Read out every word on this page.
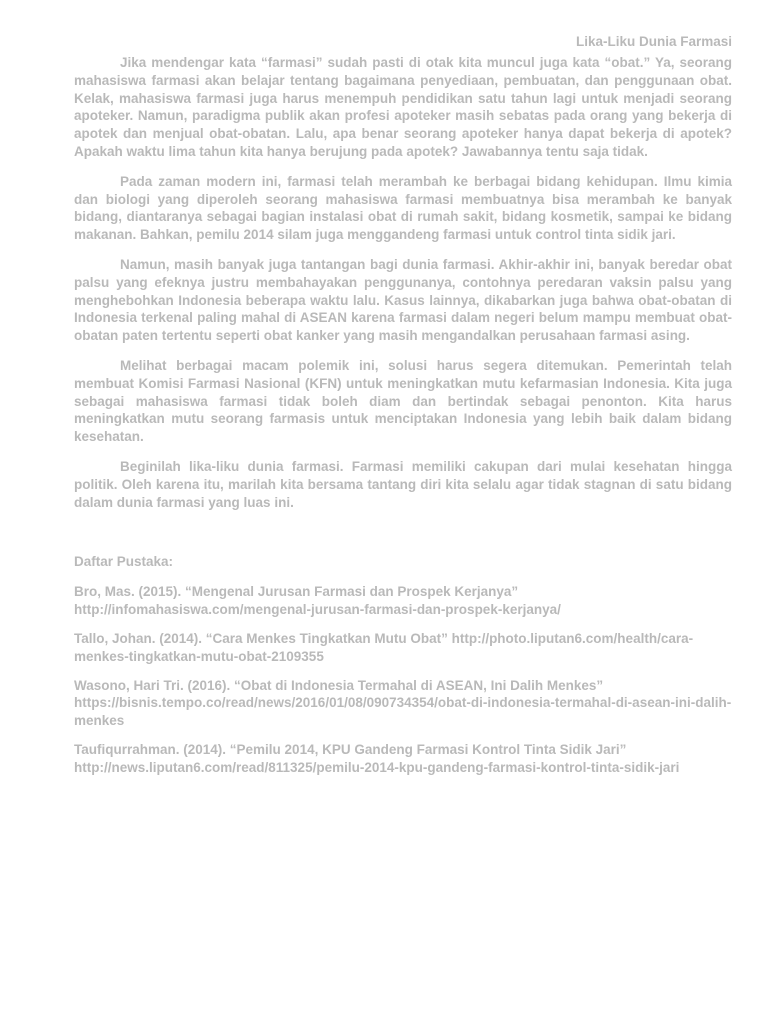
Lika-Liku Dunia Farmasi

Jika mendengar kata “farmasi” sudah pasti di otak kita muncul juga kata “obat.” Ya, seorang mahasiswa farmasi akan belajar tentang bagaimana penyediaan, pembuatan, dan penggunaan obat. Kelak, mahasiswa farmasi juga harus menempuh pendidikan satu tahun lagi untuk menjadi seorang apoteker. Namun, paradigma publik akan profesi apoteker masih sebatas pada orang yang bekerja di apotek dan menjual obat-obatan. Lalu, apa benar seorang apoteker hanya dapat bekerja di apotek? Apakah waktu lima tahun kita hanya berujung pada apotek? Jawabannya tentu saja tidak.

Pada zaman modern ini, farmasi telah merambah ke berbagai bidang kehidupan. Ilmu kimia dan biologi yang diperoleh seorang mahasiswa farmasi membuatnya bisa merambah ke banyak bidang, diantaranya sebagai bagian instalasi obat di rumah sakit, bidang kosmetik, sampai ke bidang makanan. Bahkan, pemilu 2014 silam juga menggandeng farmasi untuk control tinta sidik jari.

Namun, masih banyak juga tantangan bagi dunia farmasi. Akhir-akhir ini, banyak beredar obat palsu yang efeknya justru membahayakan penggunanya, contohnya peredaran vaksin palsu yang menghebohkan Indonesia beberapa waktu lalu. Kasus lainnya, dikabarkan juga bahwa obat-obatan di Indonesia terkenal paling mahal di ASEAN karena farmasi dalam negeri belum mampu membuat obat-obatan paten tertentu seperti obat kanker yang masih mengandalkan perusahaan farmasi asing.

Melihat berbagai macam polemik ini, solusi harus segera ditemukan. Pemerintah telah membuat Komisi Farmasi Nasional (KFN) untuk meningkatkan mutu kefarmasian Indonesia. Kita juga sebagai mahasiswa farmasi tidak boleh diam dan bertindak sebagai penonton. Kita harus meningkatkan mutu seorang farmasis untuk menciptakan Indonesia yang lebih baik dalam bidang kesehatan.

Beginilah lika-liku dunia farmasi. Farmasi memiliki cakupan dari mulai kesehatan hingga politik. Oleh karena itu, marilah kita bersama tantang diri kita selalu agar tidak stagnan di satu bidang dalam dunia farmasi yang luas ini.

Daftar Pustaka:
Bro, Mas. (2015). “Mengenal Jurusan Farmasi dan Prospek Kerjanya” http://infomahasiswa.com/mengenal-jurusan-farmasi-dan-prospek-kerjanya/
Tallo, Johan. (2014). “Cara Menkes Tingkatkan Mutu Obat” http://photo.liputan6.com/health/cara-menkes-tingkatkan-mutu-obat-2109355
Wasono, Hari Tri. (2016). “Obat di Indonesia Termahal di ASEAN, Ini Dalih Menkes” https://bisnis.tempo.co/read/news/2016/01/08/090734354/obat-di-indonesia-termahal-di-asean-ini-dalih-menkes
Taufiqurrahman. (2014). “Pemilu 2014, KPU Gandeng Farmasi Kontrol Tinta Sidik Jari” http://news.liputan6.com/read/811325/pemilu-2014-kpu-gandeng-farmasi-kontrol-tinta-sidik-jari
